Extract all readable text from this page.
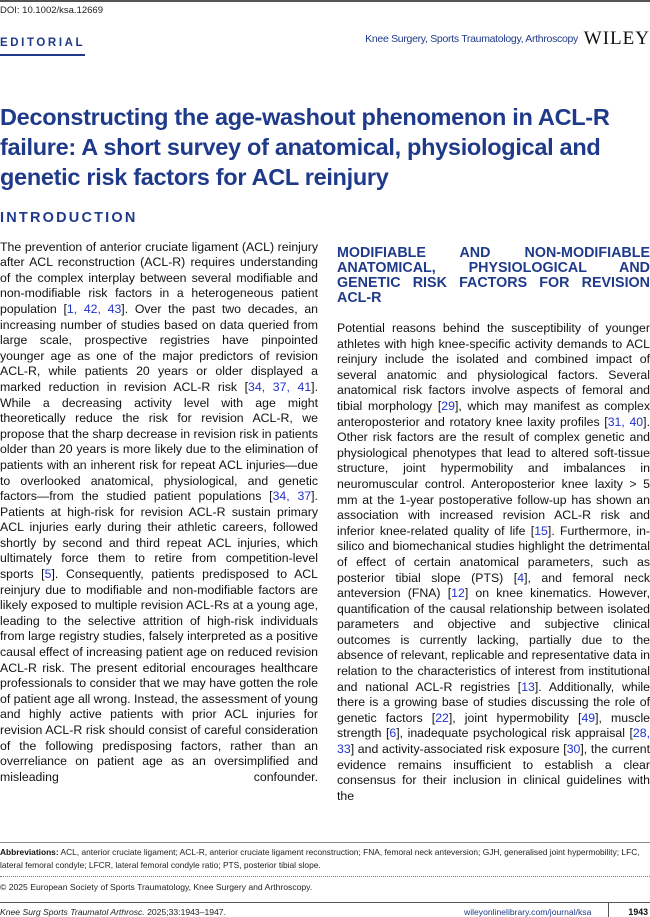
DOI: 10.1002/ksa.12669
EDITORIAL	Knee Surgery, Sports Traumatology, Arthroscopy WILEY
Deconstructing the age-washout phenomenon in ACL-R failure: A short survey of anatomical, physiological and genetic risk factors for ACL reinjury
INTRODUCTION

The prevention of anterior cruciate ligament (ACL) reinjury after ACL reconstruction (ACL-R) requires understanding of the complex interplay between several modifiable and non-modifiable risk factors in a heterogeneous patient population [1, 42, 43]. Over the past two decades, an increasing number of studies based on data queried from large scale, prospective registries have pinpointed younger age as one of the major predictors of revision ACL-R, while patients 20 years or older displayed a marked reduction in revision ACL-R risk [34, 37, 41]. While a decreasing activity level with age might theoretically reduce the risk for revision ACL-R, we propose that the sharp decrease in revision risk in patients older than 20 years is more likely due to the elimination of patients with an inherent risk for repeat ACL injuries—due to overlooked anatomical, physiological, and genetic factors—from the studied patient populations [34, 37]. Patients at high-risk for revision ACL-R sustain primary ACL injuries early during their athletic careers, followed shortly by second and third repeat ACL injuries, which ultimately force them to retire from competition-level sports [5]. Consequently, patients predisposed to ACL reinjury due to modifiable and non-modifiable factors are likely exposed to multiple revision ACL-Rs at a young age, leading to the selective attrition of high-risk individuals from large registry studies, falsely interpreted as a positive causal effect of increasing patient age on reduced revision ACL-R risk. The present editorial encourages healthcare professionals to consider that we may have gotten the role of patient age all wrong. Instead, the assessment of young and highly active patients with prior ACL injuries for revision ACL-R risk should consist of careful consideration of the following predisposing factors, rather than an overreliance on patient age as an oversimplified and misleading confounder.

MODIFIABLE AND NON-MODIFIABLE ANATOMICAL, PHYSIOLOGICAL AND GENETIC RISK FACTORS FOR REVISION ACL-R

Potential reasons behind the susceptibility of younger athletes with high knee-specific activity demands to ACL reinjury include the isolated and combined impact of several anatomic and physiological factors. Several anatomical risk factors involve aspects of femoral and tibial morphology [29], which may manifest as complex anteroposterior and rotatory knee laxity profiles [31, 40]. Other risk factors are the result of complex genetic and physiological phenotypes that lead to altered soft-tissue structure, joint hypermobility and imbalances in neuromuscular control. Anteroposterior knee laxity > 5 mm at the 1-year postoperative follow-up has shown an association with increased revision ACL-R risk and inferior knee-related quality of life [15]. Furthermore, in-silico and biomechanical studies highlight the detrimental of effect of certain anatomical parameters, such as posterior tibial slope (PTS) [4], and femoral neck anteversion (FNA) [12] on knee kinematics. However, quantification of the causal relationship between isolated parameters and objective and subjective clinical outcomes is currently lacking, partially due to the absence of relevant, replicable and representative data in relation to the characteristics of interest from institutional and national ACL-R registries [13]. Additionally, while there is a growing base of studies discussing the role of genetic factors [22], joint hypermobility [49], muscle strength [6], inadequate psychological risk appraisal [28, 33] and activity-associated risk exposure [30], the current evidence remains insufficient to establish a clear consensus for their inclusion in clinical guidelines with the

Abbreviations: ACL, anterior cruciate ligament; ACL-R, anterior cruciate ligament reconstruction; FNA, femoral neck anteversion; GJH, generalised joint hypermobility; LFC, lateral femoral condyle; LFCR, lateral femoral condyle ratio; PTS, posterior tibial slope.
© 2025 European Society of Sports Traumatology, Knee Surgery and Arthroscopy.
Knee Surg Sports Traumatol Arthrosc. 2025;33:1943–1947.	wileyonlinelibrary.com/journal/ksa	1943
